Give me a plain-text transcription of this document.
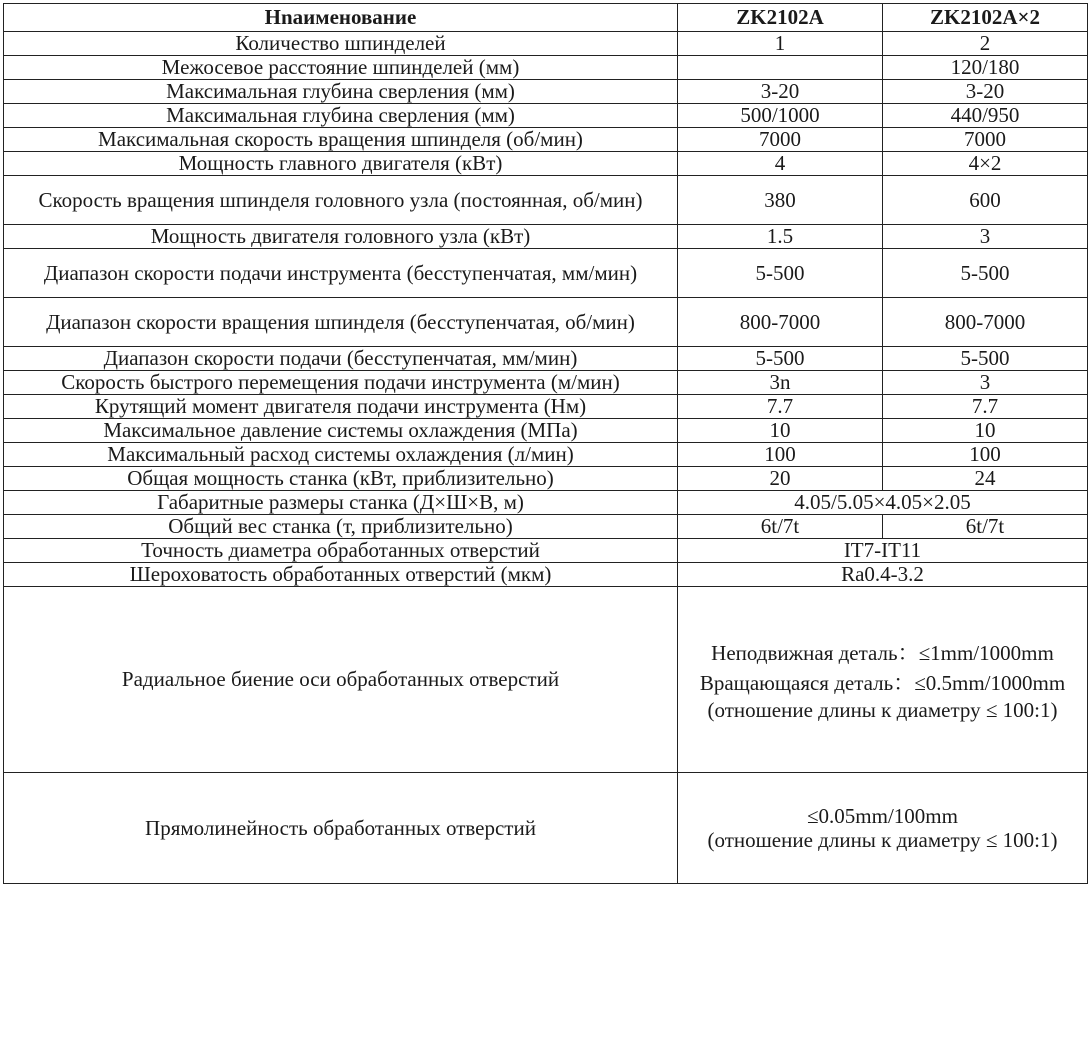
Нnаименование	ZK2102A	ZK2102A×2
Количество шпинделей	1	2
Межосевое расстояние шпинделей (мм)		120/180
Максимальная глубина сверления (мм)	3-20	3-20
Максимальная глубина сверления (мм)	500/1000	440/950
Максимальная скорость вращения шпинделя (об/мин)	7000	7000
Мощность главного двигателя (кВт)	4	4×2
Скорость вращения шпинделя головного узла (постоянная, об/мин)	380	600
Мощность двигателя головного узла (кВт)	1.5	3
Диапазон скорости подачи инструмента (бесступенчатая, мм/мин)	5-500	5-500
Диапазон скорости вращения шпинделя (бесступенчатая, об/мин)	800-7000	800-7000
Диапазон скорости подачи (бесступенчатая, мм/мин)	5-500	5-500
Скорость быстрого перемещения подачи инструмента (м/мин)	3n	3
Крутящий момент двигателя подачи инструмента (Нм)	7.7	7.7
Максимальное давление системы охлаждения (МПа)	10	10
Максимальный расход системы охлаждения (л/мин)	100	100
Общая мощность станка (кВт, приблизительно)	20	24
Габаритные размеры станка (Д×Ш×В, м)	4.05/5.05×4.05×2.05	
Общий вес станка (т, приблизительно)	6t/7t	6t/7t
Точность диаметра обработанных отверстий	IT7-IT11	
Шероховатость обработанных отверстий (мкм)	Ra0.4-3.2	
Радиальное биение оси обработанных отверстий	Неподвижная деталь：≤1mm/1000mm
Вращающаяся деталь：≤0.5mm/1000mm
(отношение длины к диаметру ≤ 100:1)	

Прямолинейность обработанных отверстий	≤0.05mm/100mm
(отношение длины к диаметру ≤ 100:1)	
